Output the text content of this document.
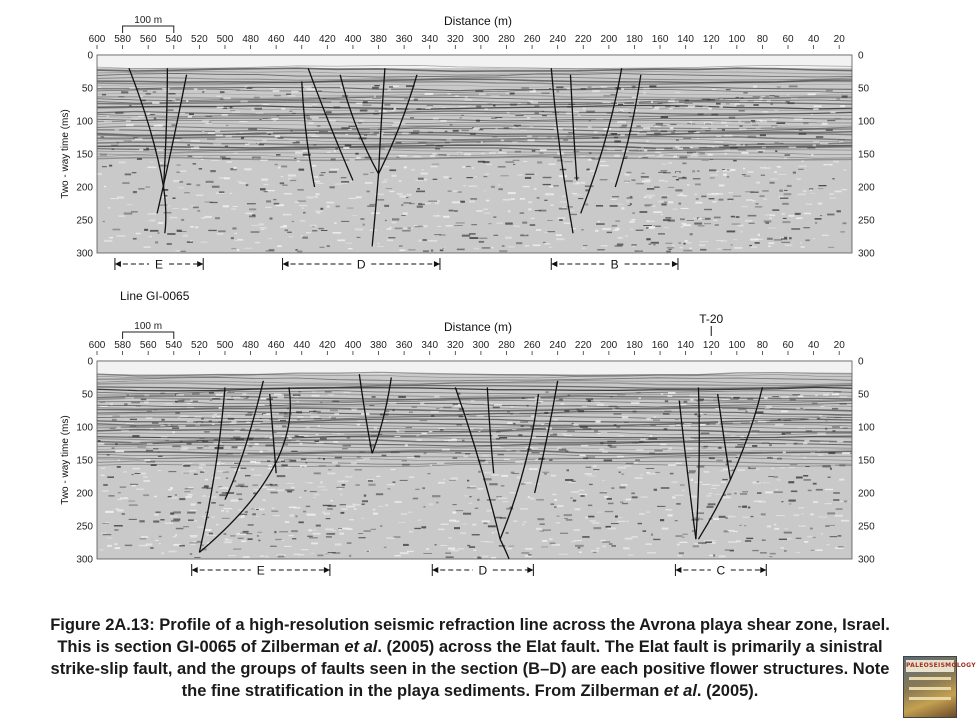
Distance (m)
100 m
600 580 560 540 520 500 480 460 440 420 400 380 360 340 320 300 280 260 240 220 200 180 160 140 120 100 80 60 40 20
0	0
50	50
100	100
150	150
200	200
250	250
300	300
Two - way time (ms)
E	D	B
Line GI-0065
Distance (m)
100 m
600 580 560 540 520 500 480 460 440 420 400 380 360 340 320 300 280 260 240 220 200 180 160 140 120 100 80 60 40 20
0	0
50	50
100	100
150	150
200	200
250	250
300	300
Two - way time (ms)
E	D	C
T-20
Figure 2A.13: Profile of a high-resolution seismic refraction line across the Avrona playa shear zone, Israel. This is section GI-0065 of Zilberman et al. (2005) across the Elat fault. The Elat fault is primarily a sinistral strike-slip fault, and the groups of faults seen in the section (B–D) are each positive flower structures. Note the fine stratification in the playa sediments. From Zilberman et al. (2005).
PALEOSEISMOLOGY
